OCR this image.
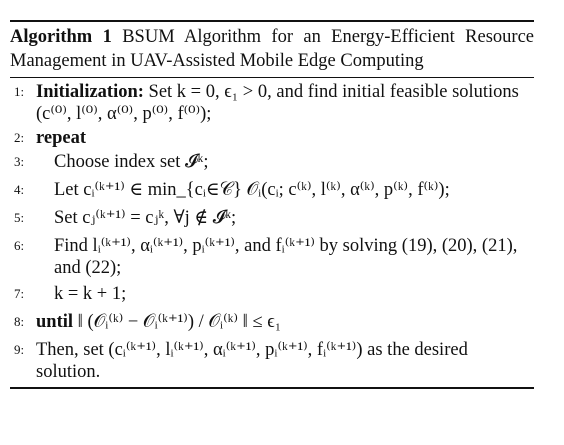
Algorithm 1 BSUM Algorithm for an Energy-Efficient Resource Management in UAV-Assisted Mobile Edge Computing
1: Initialization: Set k = 0, ϵ₁ > 0, and find initial feasible solutions (c⁽⁰⁾, l⁽⁰⁾, α⁽⁰⁾, p⁽⁰⁾, f⁽⁰⁾);
2: repeat
3:	Choose index set 𝓘ᵏ;
4:	Let cᵢ⁽ᵏ⁺¹⁾ ∈ min_{cᵢ∈𝒞} 𝒪ᵢ(cᵢ; c⁽ᵏ⁾, l⁽ᵏ⁾, α⁽ᵏ⁾, p⁽ᵏ⁾, f⁽ᵏ⁾);
5:	Set cⱼ⁽ᵏ⁺¹⁾ = cⱼᵏ, ∀j ∉ 𝓘ᵏ;
6:	Find lᵢ⁽ᵏ⁺¹⁾, αᵢ⁽ᵏ⁺¹⁾, pᵢ⁽ᵏ⁺¹⁾, and fᵢ⁽ᵏ⁺¹⁾ by solving (19), (20), (21), and (22);
7:	k = k + 1;
8: until ‖ (𝒪ᵢ⁽ᵏ⁾ − 𝒪ᵢ⁽ᵏ⁺¹⁾) / 𝒪ᵢ⁽ᵏ⁾ ‖ ≤ ϵ₁
9: Then, set (cᵢ⁽ᵏ⁺¹⁾, lᵢ⁽ᵏ⁺¹⁾, αᵢ⁽ᵏ⁺¹⁾, pᵢ⁽ᵏ⁺¹⁾, fᵢ⁽ᵏ⁺¹⁾) as the desired solution.
